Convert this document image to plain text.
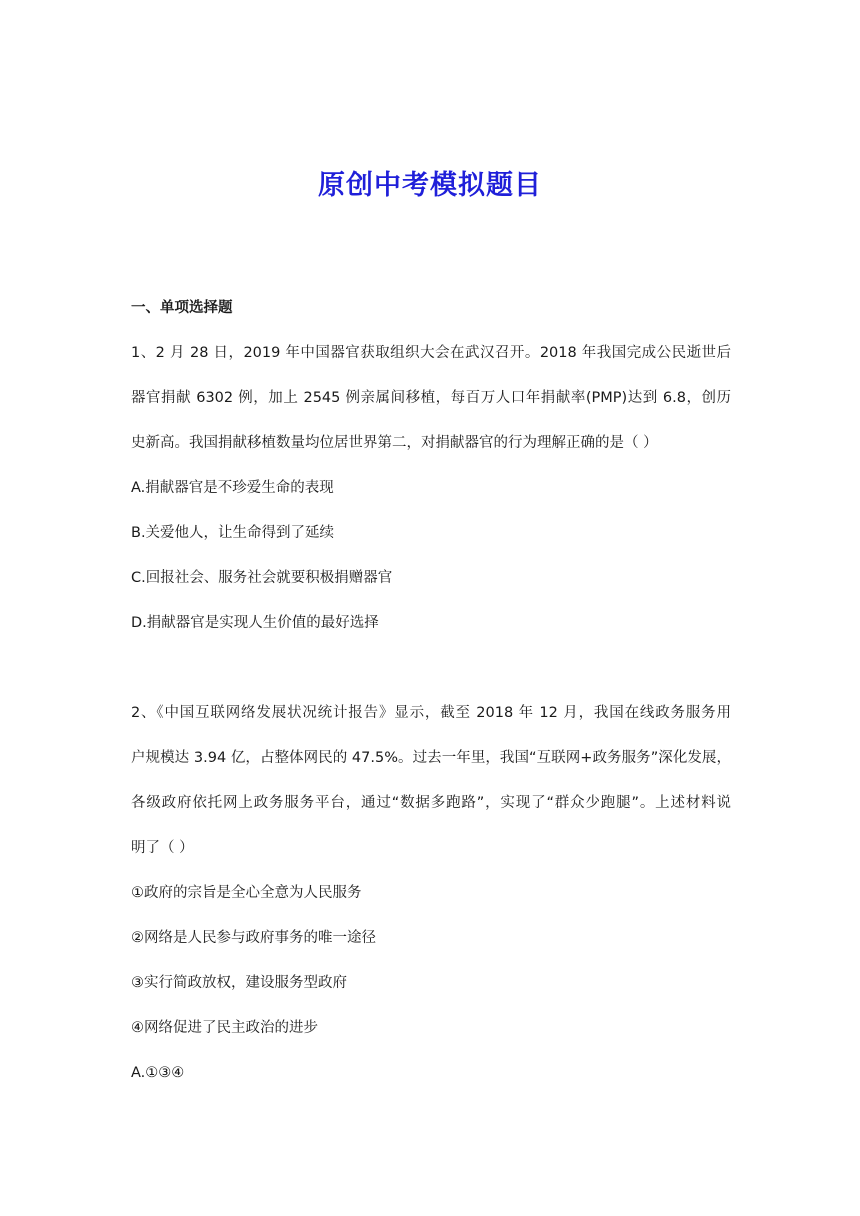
原创中考模拟题目
一、单项选择题
1、2 月 28 日，2019 年中国器官获取组织大会在武汉召开。2018 年我国完成公民逝世后
器官捐献 6302 例，加上 2545 例亲属间移植，每百万人口年捐献率(PMP)达到 6.8，创历
史新高。我国捐献移植数量均位居世界第二，对捐献器官的行为理解正确的是（ ）
A.捐献器官是不珍爱生命的表现
B.关爱他人，让生命得到了延续
C.回报社会、服务社会就要积极捐赠器官
D.捐献器官是实现人生价值的最好选择
2、《中国互联网络发展状况统计报告》显示，截至 2018 年 12 月，我国在线政务服务用
户规模达 3.94 亿，占整体网民的 47.5%。过去一年里，我国“互联网+政务服务”深化发展，
各级政府依托网上政务服务平台，通过“数据多跑路”，实现了“群众少跑腿”。上述材料说
明了（ ）
①政府的宗旨是全心全意为人民服务
②网络是人民参与政府事务的唯一途径
③实行简政放权，建设服务型政府
④网络促进了民主政治的进步
A.①③④
